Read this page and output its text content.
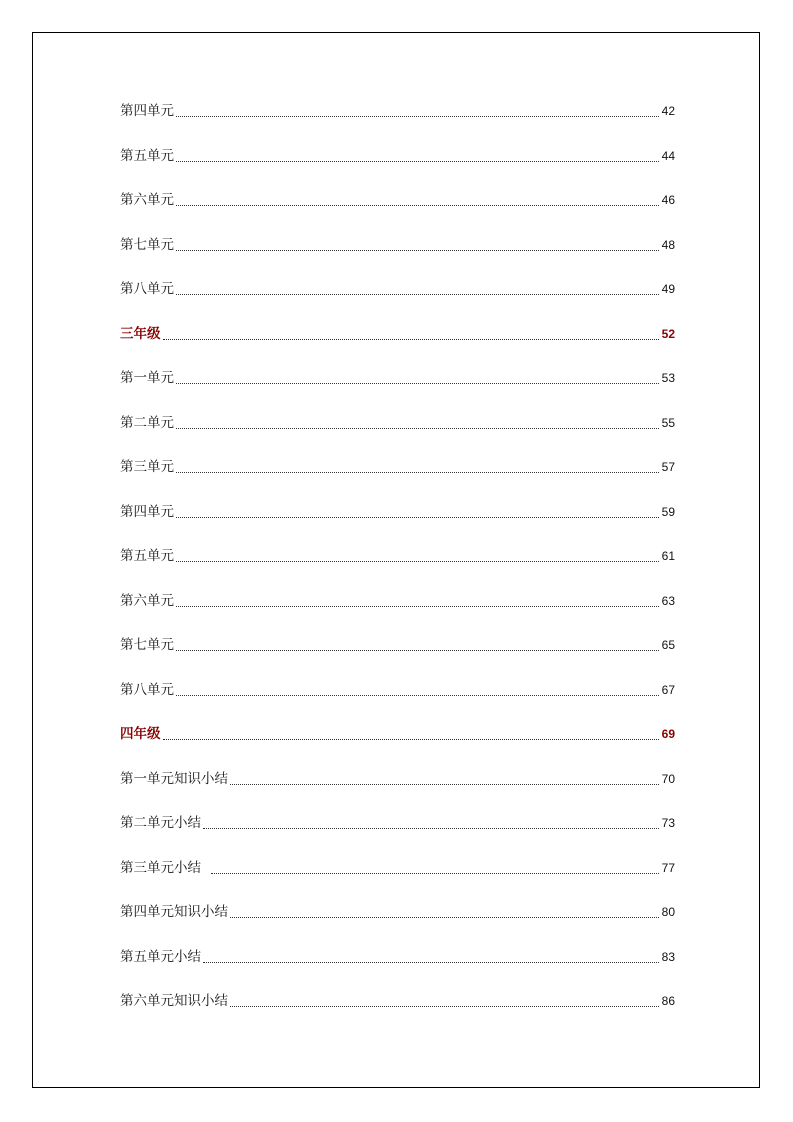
第四单元	42
第五单元	44
第六单元	46
第七单元	48
第八单元	49
三年级	52
第一单元	53
第二单元	55
第三单元	57
第四单元	59
第五单元	61
第六单元	63
第七单元	65
第八单元	67
四年级	69
第一单元知识小结	70
第二单元小结	73
第三单元小结	77
第四单元知识小结	80
第五单元小结	83
第六单元知识小结	86
